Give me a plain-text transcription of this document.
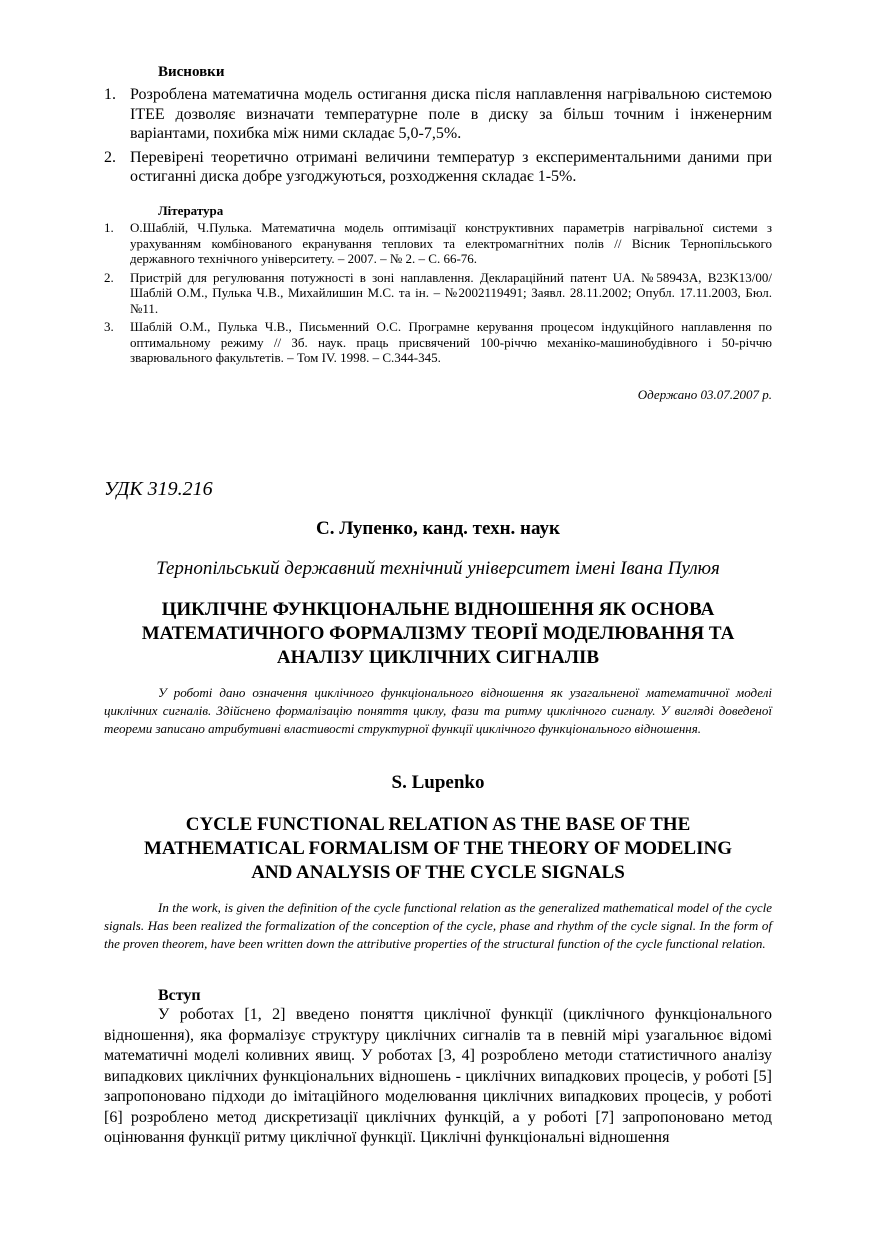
Висновки
1. Розроблена математична модель остигання диска після наплавлення нагрівальною системою ITEE дозволяє визначати температурне поле в диску за більш точним і інженерним варіантами, похибка між ними складає 5,0-7,5%.
2. Перевірені теоретично отримані величини температур з експериментальними даними при остиганні диска добре узгоджуються, розходження складає 1-5%.
Література
1. О.Шаблій, Ч.Пулька. Математична модель оптимізації конструктивних параметрів нагрівальної системи з урахуванням комбінованого екранування теплових та електромагнітних полів // Вісник Тернопільського державного технічного університету. – 2007. – № 2. – С. 66-76.
2. Пристрій для регулювання потужності в зоні наплавлення. Деклараційний патент UA. №58943A, B23K13/00/Шаблій О.М., Пулька Ч.В., Михайлишин М.С. та ін. – №2002119491; Заявл. 28.11.2002; Опубл. 17.11.2003, Бюл. №11.
3. Шаблій О.М., Пулька Ч.В., Письменний О.С. Програмне керування процесом індукційного наплавлення по оптимальному режиму // Зб. наук. праць присвячений 100-річчю механіко-машинобудівного і 50-річчю зварювального факультетів. – Том IV. 1998. – С.344-345.
Одержано 03.07.2007 р.
УДК 319.216
С. Лупенко, канд. техн. наук
Тернопільський державний технічний університет імені Івана Пулюя
ЦИКЛІЧНЕ ФУНКЦІОНАЛЬНЕ ВІДНОШЕННЯ ЯК ОСНОВА
МАТЕМАТИЧНОГО ФОРМАЛІЗМУ ТЕОРІЇ МОДЕЛЮВАННЯ ТА
АНАЛІЗУ ЦИКЛІЧНИХ СИГНАЛІВ

У роботі дано означення циклічного функціонального відношення як узагальненої математичної моделі циклічних сигналів. Здійснено формалізацію поняття циклу, фази та ритму циклічного сигналу. У вигляді доведеної теореми записано атрибутивні властивості структурної функції циклічного функціонального відношення.

S. Lupenko
CYCLE FUNCTIONAL RELATION AS THE BASE OF THE
MATHEMATICAL FORMALISM OF THE THEORY OF MODELING
AND ANALYSIS OF THE CYCLE SIGNALS

In the work, is given the definition of the cycle functional relation as the generalized mathematical model of the cycle signals. Has been realized the formalization of the conception of the cycle, phase and rhythm of the cycle signal. In the form of the proven theorem, have been written down the attributive properties of the structural function of the cycle functional relation.

Вступ

У роботах [1, 2] введено поняття циклічної функції (циклічного функціонального відношення), яка формалізує структуру циклічних сигналів та в певній мірі узагальнює відомі математичні моделі коливних явищ. У роботах [3, 4] розроблено методи статистичного аналізу випадкових циклічних функціональних відношень - циклічних випадкових процесів, у роботі [5] запропоновано підходи до імітаційного моделювання циклічних випадкових процесів, у роботі [6] розроблено метод дискретизації циклічних функцій, а у роботі [7] запропоновано метод оцінювання функції ритму циклічної функції. Циклічні функціональні відношення
